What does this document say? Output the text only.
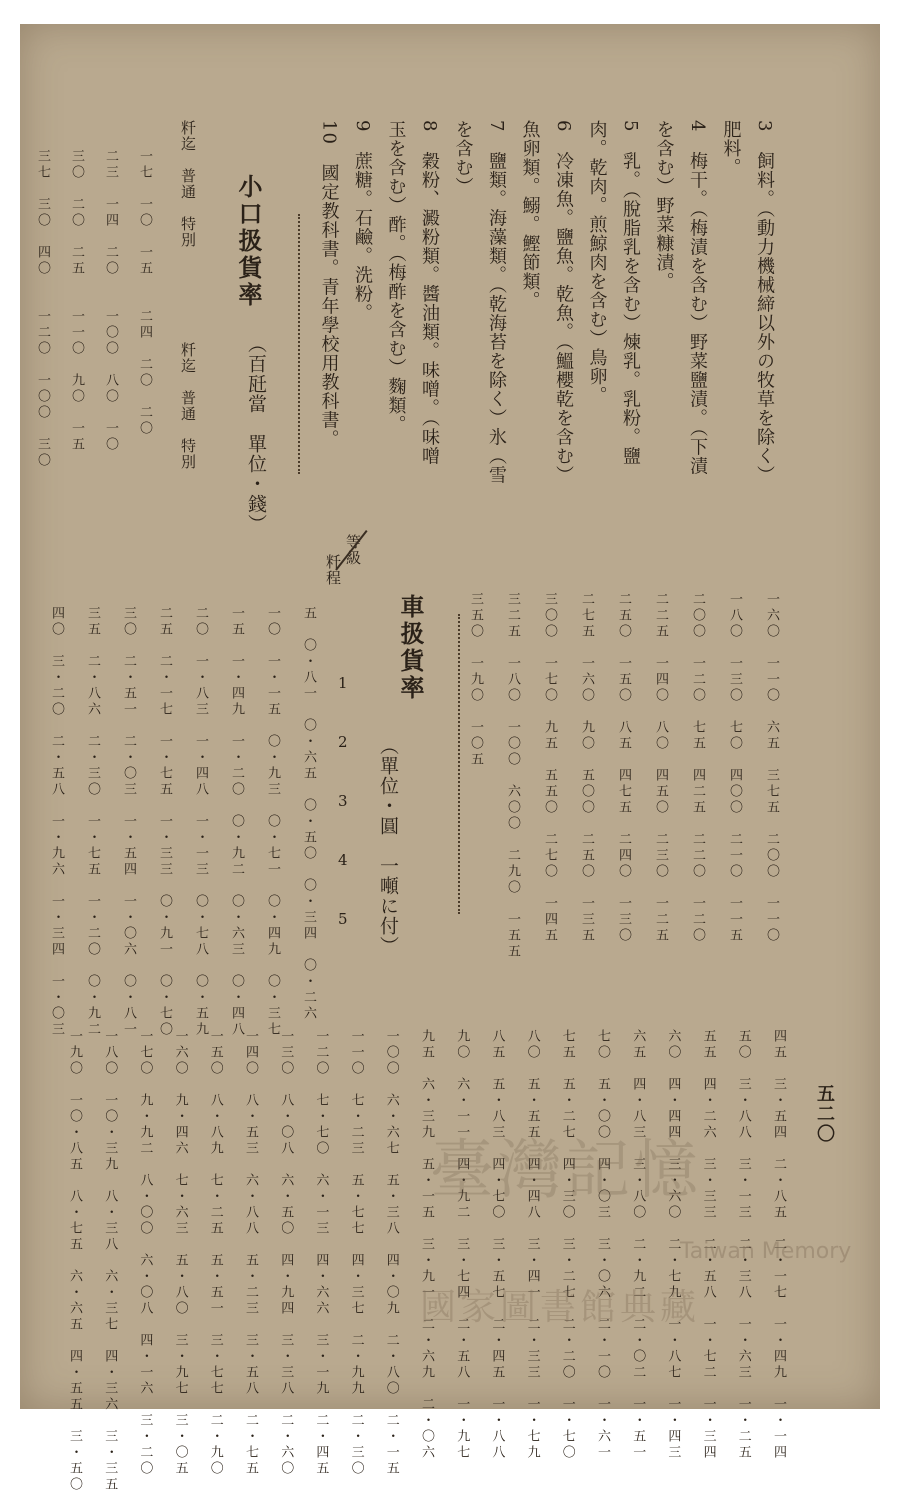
五二〇
3　飼料。（動力機械締以外の牧草を除く）
肥料。
4　梅干。（梅漬を含む）野菜鹽漬。（下漬
を含む）野菜糠漬。
5　乳。（脫脂乳を含む）煉乳。乳粉。鹽
肉。乾肉。煎鯨肉を含む）鳥卵。
6　冷凍魚。鹽魚。乾魚。（鰮櫻乾を含む）
魚卵類。鰯。鰹節類。
7　鹽類。海藻類。（乾海苔を除く）氷（雪
を含む）
8　穀粉、澱粉類。醬油類。味噌。（味噌
玉を含む）酢。（梅酢を含む）麴類。
9　蔗糖。石鹼。洗粉。
10　國定教科書。青年學校用教科書。
一六〇　一一〇　六五　三七五　二〇〇　一一〇
一八〇　一三〇　七〇　四〇〇　二一〇　一一五
二〇〇　一二〇　七五　四二五　二二〇　一二〇
二二五　一四〇　八〇　四五〇　二三〇　一二五
二五〇　一五〇　八五　四七五　二四〇　一三〇
二七五　一六〇　九〇　五〇〇　二五〇　一三五
三〇〇　一七〇　九五　五五〇　二七〇　一四五
三二五　一八〇　一〇〇　六〇〇　二九〇　一五五
三五〇　一九〇　一〇五
小口扱貨率
（百瓩當　單位・錢）
粁迄　普通　特別
粁迄　普通　特別
一七　一〇　一五　　二四　二〇　二〇
二三　一四　二〇　　一〇〇　八〇　一〇
三〇　二〇　二五　　一一〇　九〇　一五
三七　三〇　四〇　　一二〇　一〇〇　三〇
車扱貨率
（單位・圓　一噸に付）
等級
粁程
1
2
3
4
5
五　〇・八一　〇・六五　〇・五〇　〇・三四　〇・二六
一〇　一・一五　〇・九三　〇・七一　〇・四九　〇・三七
一五　一・四九　一・二〇　〇・九二　〇・六三　〇・四八
二〇　一・八三　一・四八　一・一三　〇・七八　〇・五九
二五　二・一七　一・七五　一・三三　〇・九一　〇・七〇
三〇　二・五一　二・〇三　一・五四　一・〇六　〇・八一
三五　二・八六　二・三〇　一・七五　一・二〇　〇・九二
四〇　三・二〇　二・五八　一・九六　一・三四　一・〇三
四五　三・五四　二・八五　二・一七　一・四九　一・一四
五〇　三・八八　三・一三　二・三八　一・六三　一・二五
五五　四・二六　三・三三　二・五八　一・七二　一・三四
六〇　四・四四　三・六〇　二・七九　一・八七　一・四三
六五　四・八三　三・八〇　二・九二　二・〇二　一・五一
七〇　五・〇〇　四・〇三　三・〇六　二・一〇　一・六一
七五　五・二七　四・三〇　三・二七　二・二〇　一・七〇
八〇　五・五五　四・四八　三・四一　二・三三　一・七九
八五　五・八三　四・七〇　三・五七　二・四五　一・八八
九〇　六・一一　四・九二　三・七四　二・五八　一・九七
九五　六・三九　五・一五　三・九一　二・六九　二・〇六
一〇〇　六・六七　五・三八　四・〇九　二・八〇　二・一五
一一〇　七・二三　五・七七　四・三七　二・九九　二・三〇
一二〇　七・七〇　六・一三　四・六六　三・一九　二・四五
一三〇　八・〇八　六・五〇　四・九四　三・三八　二・六〇
一四〇　八・五三　六・八八　五・二三　三・五八　二・七五
一五〇　八・八九　七・二五　五・五一　三・七七　二・九〇
一六〇　九・四六　七・六三　五・八〇　三・九七　三・〇五
一七〇　九・九二　八・〇〇　六・〇八　四・一六　三・二〇
一八〇　一〇・三九　八・三八　六・三七　四・三六　三・三五
一九〇　一〇・八五　八・七五　六・六五　四・五五　三・五〇	臺灣記憶
Taiwan Memory
國家圖書館典藏
